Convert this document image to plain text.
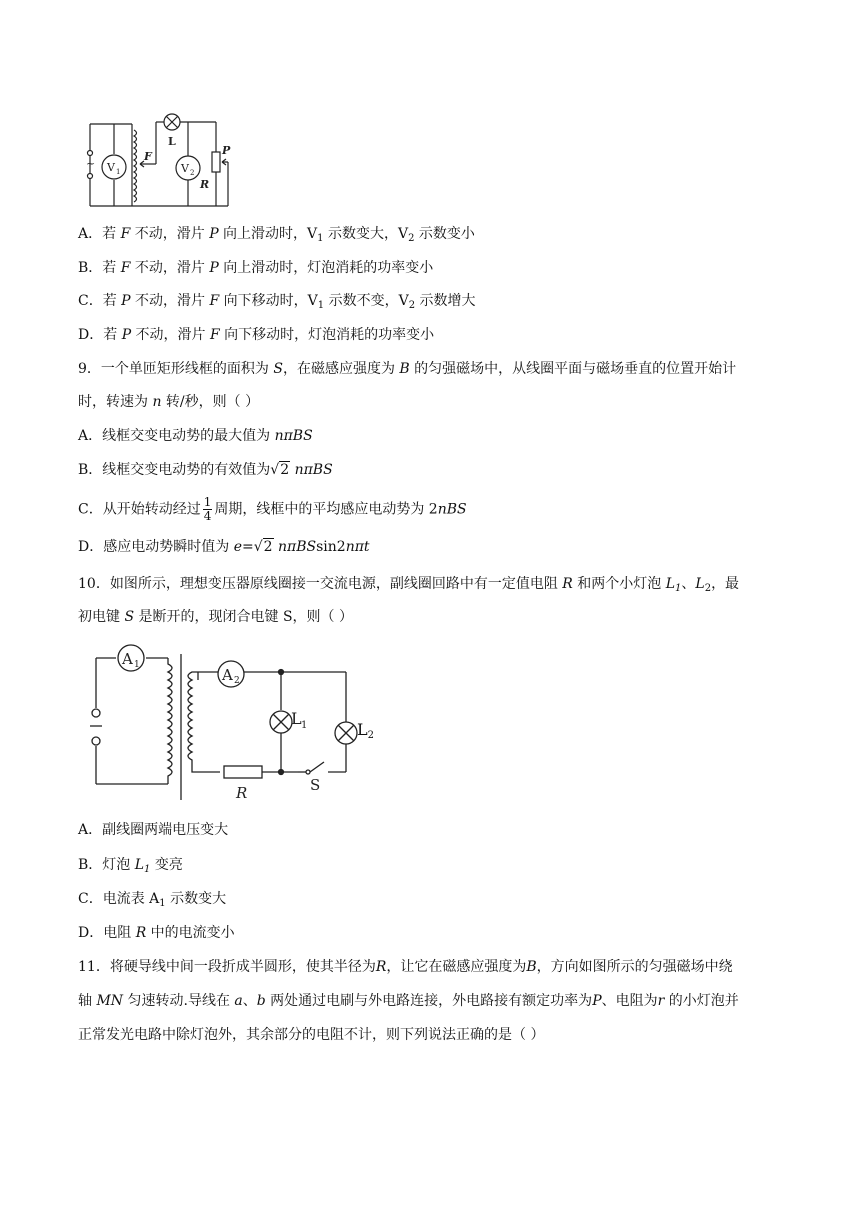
~ V 1
F
L
V 2
P
R
A．若 F 不动，滑片 P 向上滑动时，$V_1$ 示数变大，$V_2$ 示数变小
B．若 F 不动，滑片 P 向上滑动时，灯泡消耗的功率变小
C．若 P 不动，滑片 F 向下移动时，$V_1$ 示数不变，$V_2$ 示数增大
D．若 P 不动，滑片 F 向下移动时，灯泡消耗的功率变小
9．一个单匝矩形线框的面积为 S，在磁感应强度为 B 的匀强磁场中，从线圈平面与磁场垂直的位置开始计
时，转速为 n 转/秒，则（ ）
A．线框交变电动势的最大值为 nπBS
B．线框交变电动势的有效值为√2 nπBS
C．从开始转动经过 $\frac{1}{4}$ 周期，线框中的平均感应电动势为 2nBS
D．感应电动势瞬时值为 e=√2 nπBSsin2nπt
10．如图所示，理想变压器原线圈接一交流电源，副线圈回路中有一定值电阻 R 和两个小灯泡 $L_1$、$L_2$，最
初电键 S 是断开的，现闭合电键 S，则（ ）
A 1
A 2
L 1
R	S
$L_2$
A．副线圈两端电压变大
B．灯泡 $L_1$ 变亮
C．电流表 $A_1$ 示数变大
D．电阻 R 中的电流变小
11．将硬导线中间一段折成半圆形，使其半径为R，让它在磁感应强度为B，方向如图所示的匀强磁场中绕
轴 MN 匀速转动.导线在 a、b 两处通过电刷与外电路连接，外电路接有额定功率为P、电阻为r 的小灯泡并
正常发光电路中除灯泡外，其余部分的电阻不计，则下列说法正确的是（ ）
